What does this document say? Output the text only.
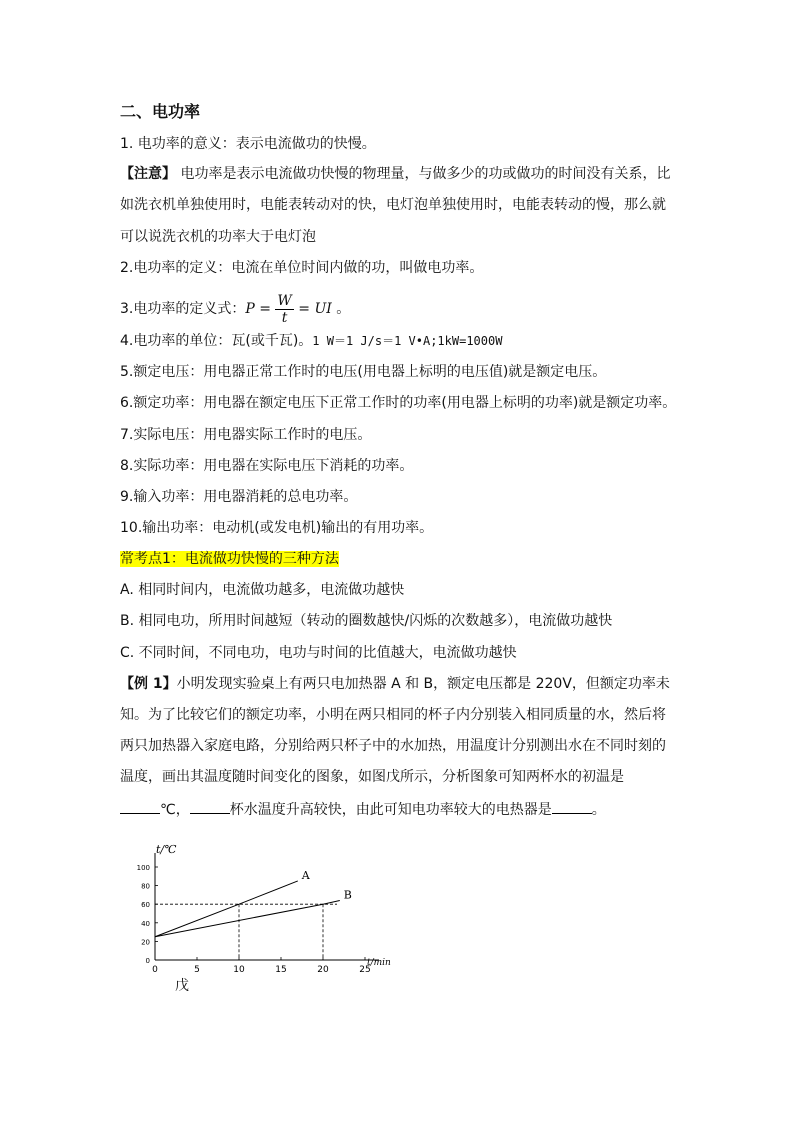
二、电功率
1. 电功率的意义：表示电流做功的快慢。
【注意】 电功率是表示电流做功快慢的物理量，与做多少的功或做功的时间没有关系，比
如洗衣机单独使用时，电能表转动对的快，电灯泡单独使用时，电能表转动的慢，那么就
可以说洗衣机的功率大于电灯泡
2.电功率的定义：电流在单位时间内做的功，叫做电功率。
3.电功率的定义式：$P = \frac{W}{t}$ = UI 。
4.电功率的单位：瓦(或千瓦)。1 W＝1 J/s＝1 V•A;1kW=1000W
5.额定电压：用电器正常工作时的电压(用电器上标明的电压值)就是额定电压。
6.额定功率：用电器在额定电压下正常工作时的功率(用电器上标明的功率)就是额定功率。
7.实际电压：用电器实际工作时的电压。
8.实际功率：用电器在实际电压下消耗的功率。
9.输入功率：用电器消耗的总电功率。
10.输出功率：电动机(或发电机)输出的有用功率。
常考点1：电流做功快慢的三种方法
A. 相同时间内，电流做功越多，电流做功越快
B. 相同电功，所用时间越短（转动的圈数越快/闪烁的次数越多），电流做功越快
C. 不同时间，不同电功，电功与时间的比值越大，电流做功越快
【例 1】小明发现实验桌上有两只电加热器 A 和 B，额定电压都是 220V，但额定功率未
知。为了比较它们的额定功率，小明在两只相同的杯子内分别装入相同质量的水，然后将
两只加热器入家庭电路，分别给两只杯子中的水加热，用温度计分别测出水在不同时刻的
温度，画出其温度随时间变化的图象，如图戊所示，分析图象可知两杯水的初温是
℃，	杯水温度升高较快，由此可知电功率较大的电热器是	。
t/℃
t/min
0
20
40
60
80
100
0	5	10	15	20	25
A
B
戊
